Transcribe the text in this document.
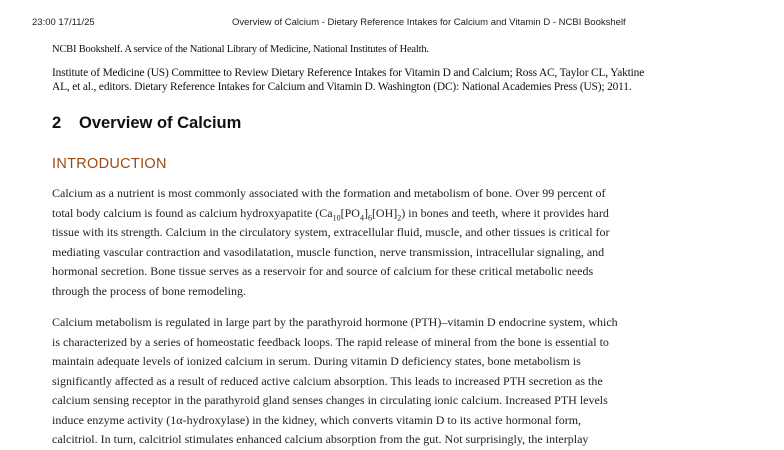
23:00 17/11/25	Overview of Calcium - Dietary Reference Intakes for Calcium and Vitamin D - NCBI Bookshelf
NCBI Bookshelf. A service of the National Library of Medicine, National Institutes of Health.
Institute of Medicine (US) Committee to Review Dietary Reference Intakes for Vitamin D and Calcium; Ross AC, Taylor CL, Yaktine
AL, et al., editors. Dietary Reference Intakes for Calcium and Vitamin D. Washington (DC): National Academies Press (US); 2011.
2 Overview of Calcium
INTRODUCTION
Calcium as a nutrient is most commonly associated with the formation and metabolism of bone. Over 99 percent of
total body calcium is found as calcium hydroxyapatite $(Ca_{10}[PO_4]_6[OH]_2)$ in bones and teeth, where it provides hard
tissue with its strength. Calcium in the circulatory system, extracellular fluid, muscle, and other tissues is critical for
mediating vascular contraction and vasodilatation, muscle function, nerve transmission, intracellular signaling, and
hormonal secretion. Bone tissue serves as a reservoir for and source of calcium for these critical metabolic needs
through the process of bone remodeling.
Calcium metabolism is regulated in large part by the parathyroid hormone (PTH)–vitamin D endocrine system, which
is characterized by a series of homeostatic feedback loops. The rapid release of mineral from the bone is essential to
maintain adequate levels of ionized calcium in serum. During vitamin D deficiency states, bone metabolism is
significantly affected as a result of reduced active calcium absorption. This leads to increased PTH secretion as the
calcium sensing receptor in the parathyroid gland senses changes in circulating ionic calcium. Increased PTH levels
induce enzyme activity (1α-hydroxylase) in the kidney, which converts vitamin D to its active hormonal form,
calcitriol. In turn, calcitriol stimulates enhanced calcium absorption from the gut. Not surprisingly, the interplay
